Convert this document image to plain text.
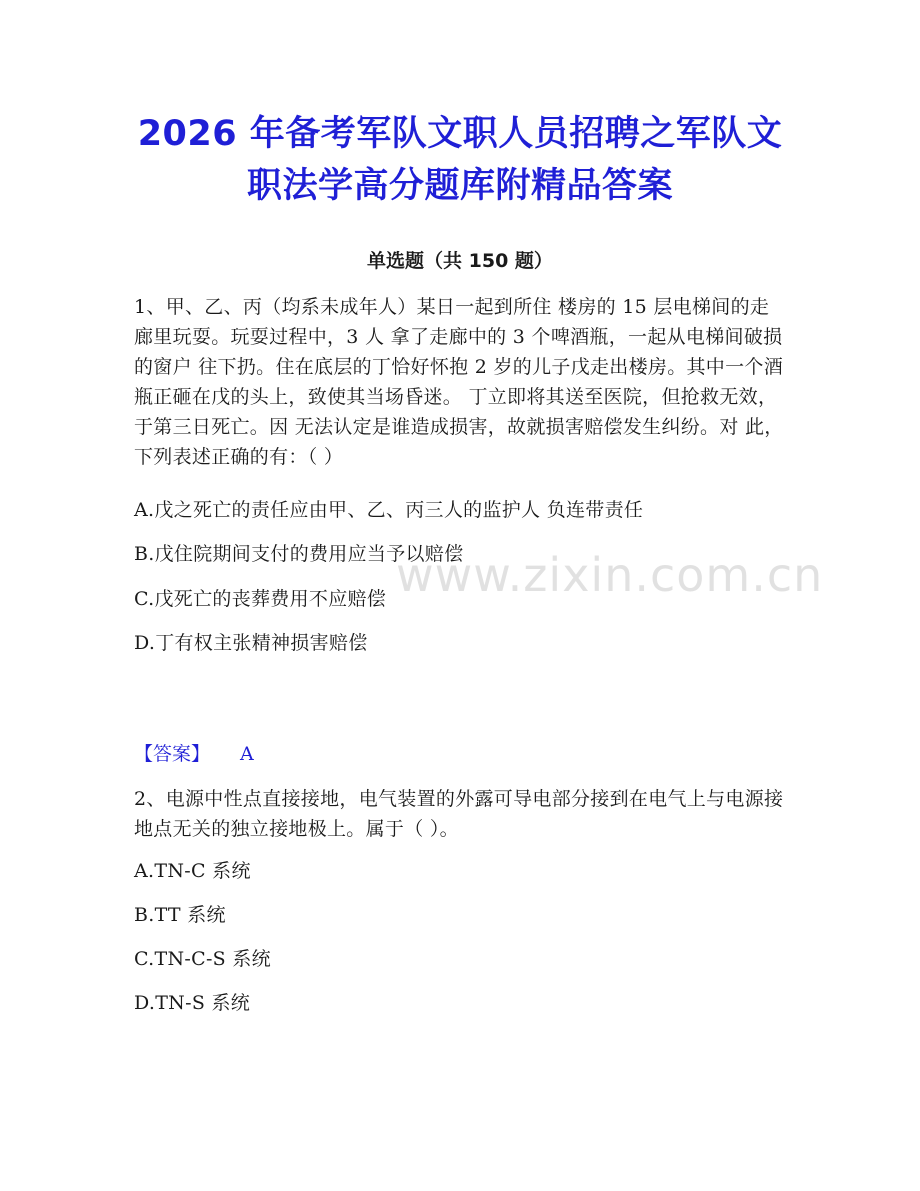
www.zixin.com.cn
2026 年备考军队文职人员招聘之军队文
职法学高分题库附精品答案
单选题（共 150 题）
1、甲、乙、丙（均系未成年人）某日一起到所住 楼房的 15 层电梯间的走廊里玩耍。玩耍过程中，3 人 拿了走廊中的 3 个啤酒瓶，一起从电梯间破损的窗户 往下扔。住在底层的丁恰好怀抱 2 岁的儿子戊走出楼房。其中一个酒瓶正砸在戊的头上，致使其当场昏迷。 丁立即将其送至医院，但抢救无效，于第三日死亡。因 无法认定是谁造成损害，故就损害赔偿发生纠纷。对 此，下列表述正确的有：（ ）
A.戊之死亡的责任应由甲、乙、丙三人的监护人 负连带责任
B.戊住院期间支付的费用应当予以赔偿
C.戊死亡的丧葬费用不应赔偿
D.丁有权主张精神损害赔偿
【答案】 A
2、电源中性点直接接地，电气装置的外露可导电部分接到在电气上与电源接地点无关的独立接地极上。属于（ ）。
A.TN-C 系统
B.TT 系统
C.TN-C-S 系统
D.TN-S 系统
